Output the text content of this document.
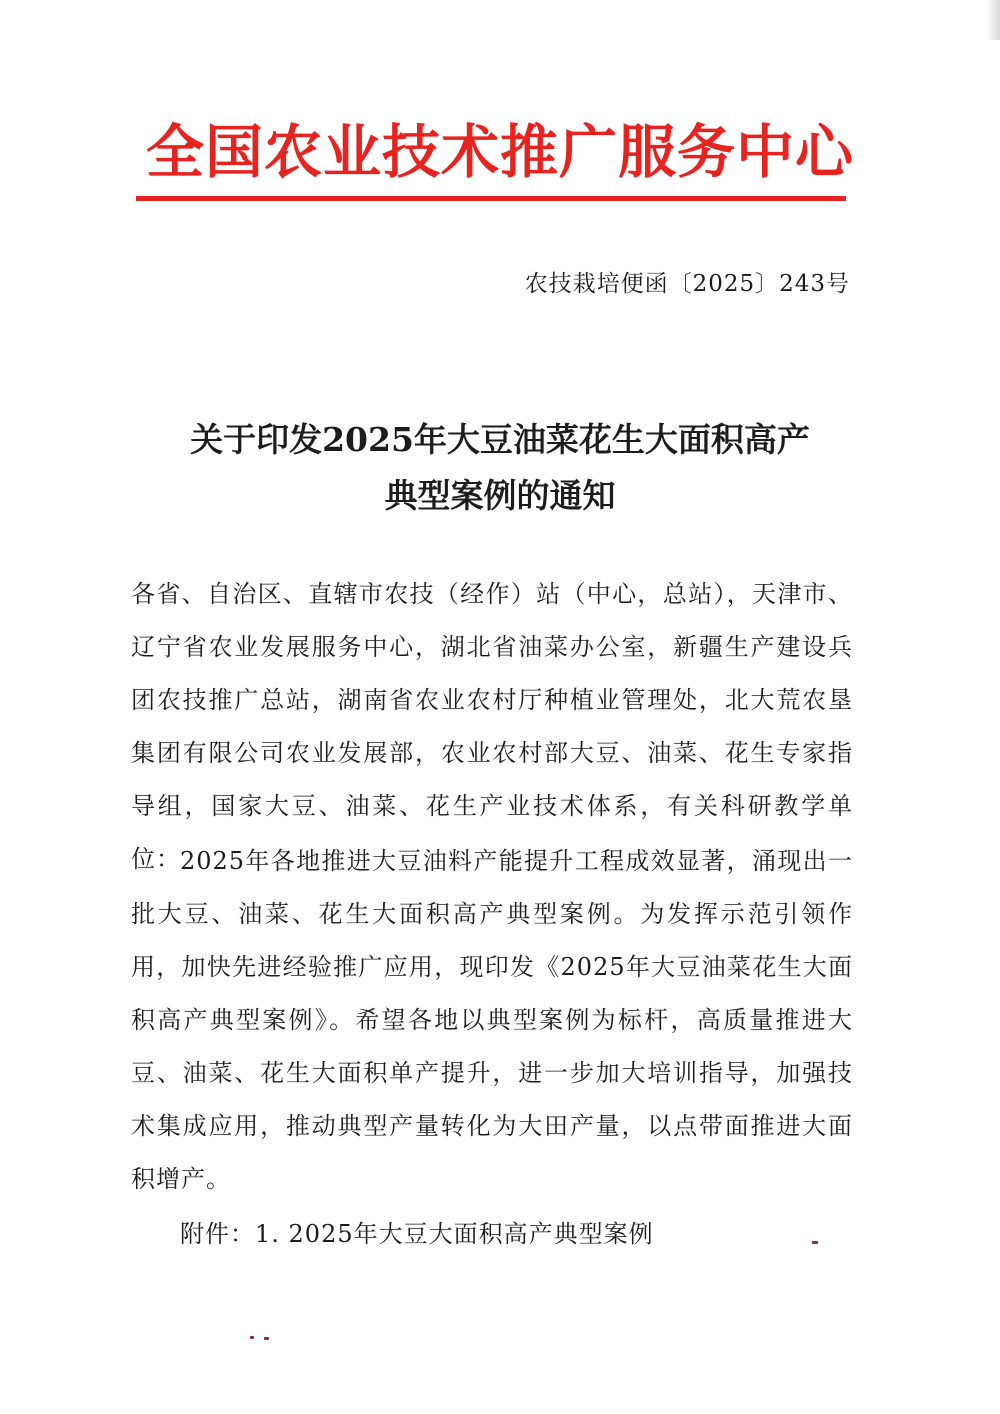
全国农业技术推广服务中心
农技栽培便函〔2025〕243号
关于印发2025年大豆油菜花生大面积高产
典型案例的通知
各省、自治区、直辖市农技（经作）站（中心，总站），天津市、辽宁省农业发展服务中心，湖北省油菜办公室，新疆生产建设兵团农技推广总站，湖南省农业农村厅种植业管理处，北大荒农垦集团有限公司农业发展部，农业农村部大豆、油菜、花生专家指导组，国家大豆、油菜、花生产业技术体系，有关科研教学单位： 2025年各地推进大豆油料产能提升工程成效显著，涌现出一批大豆、油菜、花生大面积高产典型案例。为发挥示范引领作用，加快先进经验推广应用，现印发《2025年大豆油菜花生大面积高产典型案例》。希望各地以典型案例为标杆，高质量推进大豆、油菜、花生大面积单产提升，进一步加大培训指导，加强技术集成应用，推动典型产量转化为大田产量，以点带面推进大面积增产。
附件：1. 2025年大豆大面积高产典型案例
